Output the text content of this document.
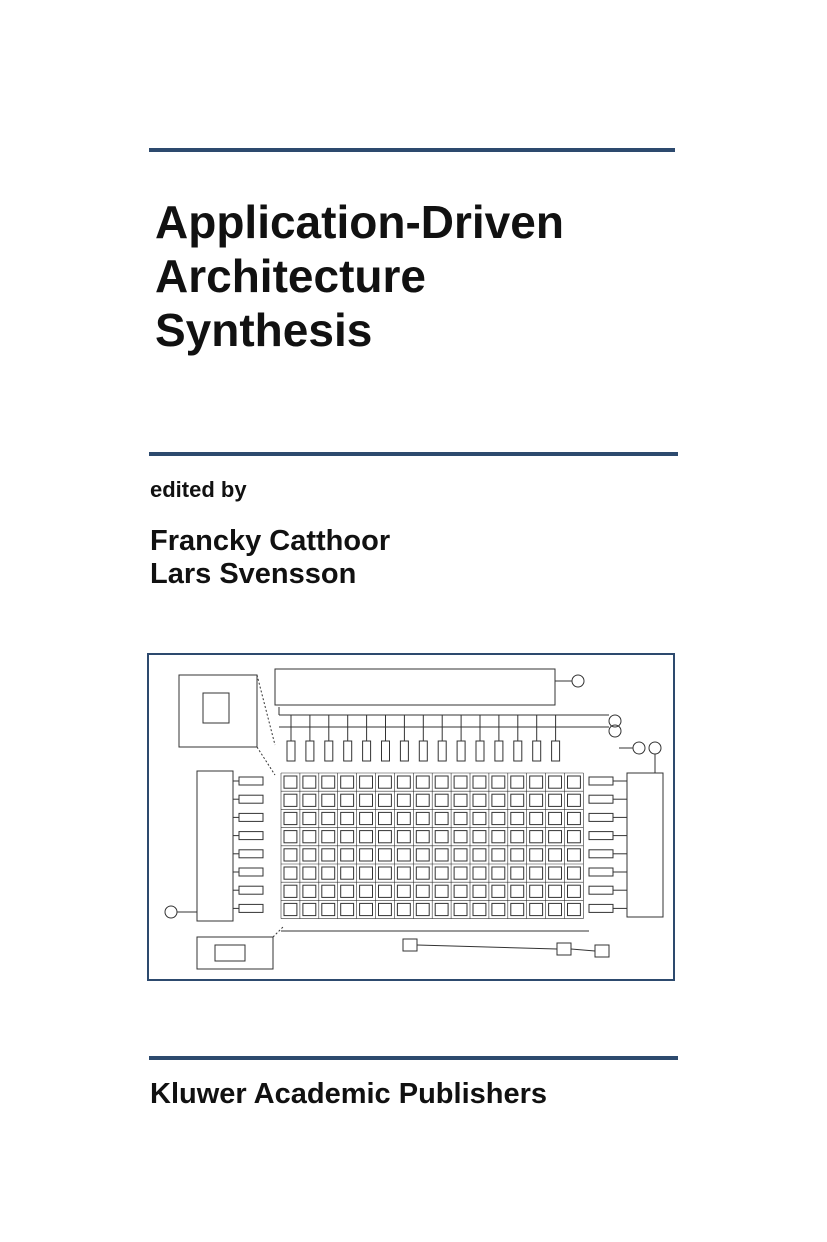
Application-Driven
Architecture
Synthesis

edited by

Francky Catthoor
Lars Svensson

Kluwer Academic Publishers
